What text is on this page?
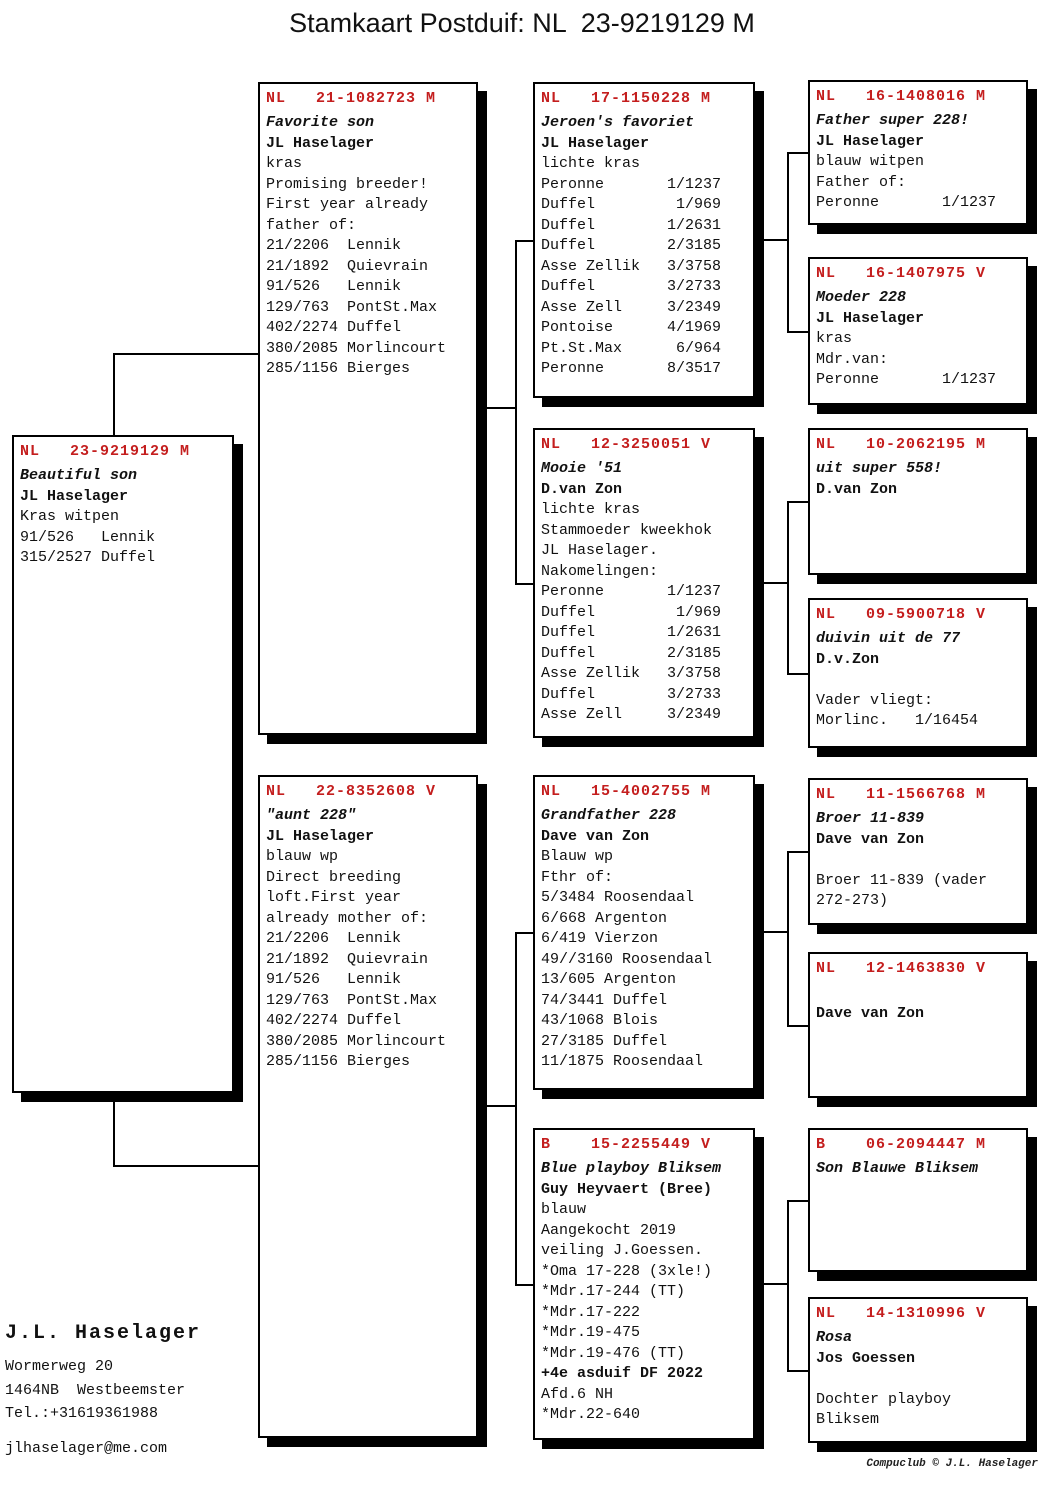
Stamkaart Postduif: NL  23-9219129 M
NL   23-9219129 M
Beautiful son
JL Haselager
Kras witpen
91/526   Lennik
315/2527 Duffel
NL   21-1082723 M
Favorite son
JL Haselager
kras
Promising breeder!
First year already
father of:
21/2206  Lennik
21/1892  Quievrain
91/526   Lennik
129/763  PontSt.Max
402/2274 Duffel
380/2085 Morlincourt
285/1156 Bierges
NL   22-8352608 V
"aunt 228"
JL Haselager
blauw wp
Direct breeding
loft.First year
already mother of:
21/2206  Lennik
21/1892  Quievrain
91/526   Lennik
129/763  PontSt.Max
402/2274 Duffel
380/2085 Morlincourt
285/1156 Bierges
NL   17-1150228 M
Jeroen's favoriet
JL Haselager
lichte kras
Peronne       1/1237
Duffel         1/969
Duffel        1/2631
Duffel        2/3185
Asse Zellik   3/3758
Duffel        3/2733
Asse Zell     3/2349
Pontoise      4/1969
Pt.St.Max      6/964
Peronne       8/3517
NL   12-3250051 V
Mooie '51
D.van Zon
lichte kras
Stammoeder kweekhok
JL Haselager.
Nakomelingen:
Peronne       1/1237
Duffel         1/969
Duffel        1/2631
Duffel        2/3185
Asse Zellik   3/3758
Duffel        3/2733
Asse Zell     3/2349
NL   15-4002755 M
Grandfather 228
Dave van Zon
Blauw wp
Fthr of:
5/3484 Roosendaal
6/668 Argenton
6/419 Vierzon
49//3160 Roosendaal
13/605 Argenton
74/3441 Duffel
43/1068 Blois
27/3185 Duffel
11/1875 Roosendaal
B    15-2255449 V
Blue playboy Bliksem
Guy Heyvaert (Bree)
blauw
Aangekocht 2019
veiling J.Goessen.
*Oma 17-228 (3xle!)
*Mdr.17-244 (TT)
*Mdr.17-222
*Mdr.19-475
*Mdr.19-476 (TT)
+4e asduif DF 2022
Afd.6 NH
*Mdr.22-640
NL   16-1408016 M
Father super 228!
JL Haselager
blauw witpen
Father of:
Peronne       1/1237
NL   16-1407975 V
Moeder 228
JL Haselager
kras
Mdr.van:
Peronne       1/1237
NL   10-2062195 M
uit super 558!
D.van Zon
NL   09-5900718 V
duivin uit de 77
D.v.Zon

Vader vliegt:
Morlinc.   1/16454
NL   11-1566768 M
Broer 11-839
Dave van Zon

Broer 11-839 (vader
272-273)
NL   12-1463830 V

Dave van Zon
B    06-2094447 M
Son Blauwe Bliksem
NL   14-1310996 V
Rosa
Jos Goessen

Dochter playboy
Bliksem
J.L. Haselager
Wormerweg 20
1464NB  Westbeemster
Tel.:+31619361988
jlhaselager@me.com
Compuclub © J.L. Haselager
